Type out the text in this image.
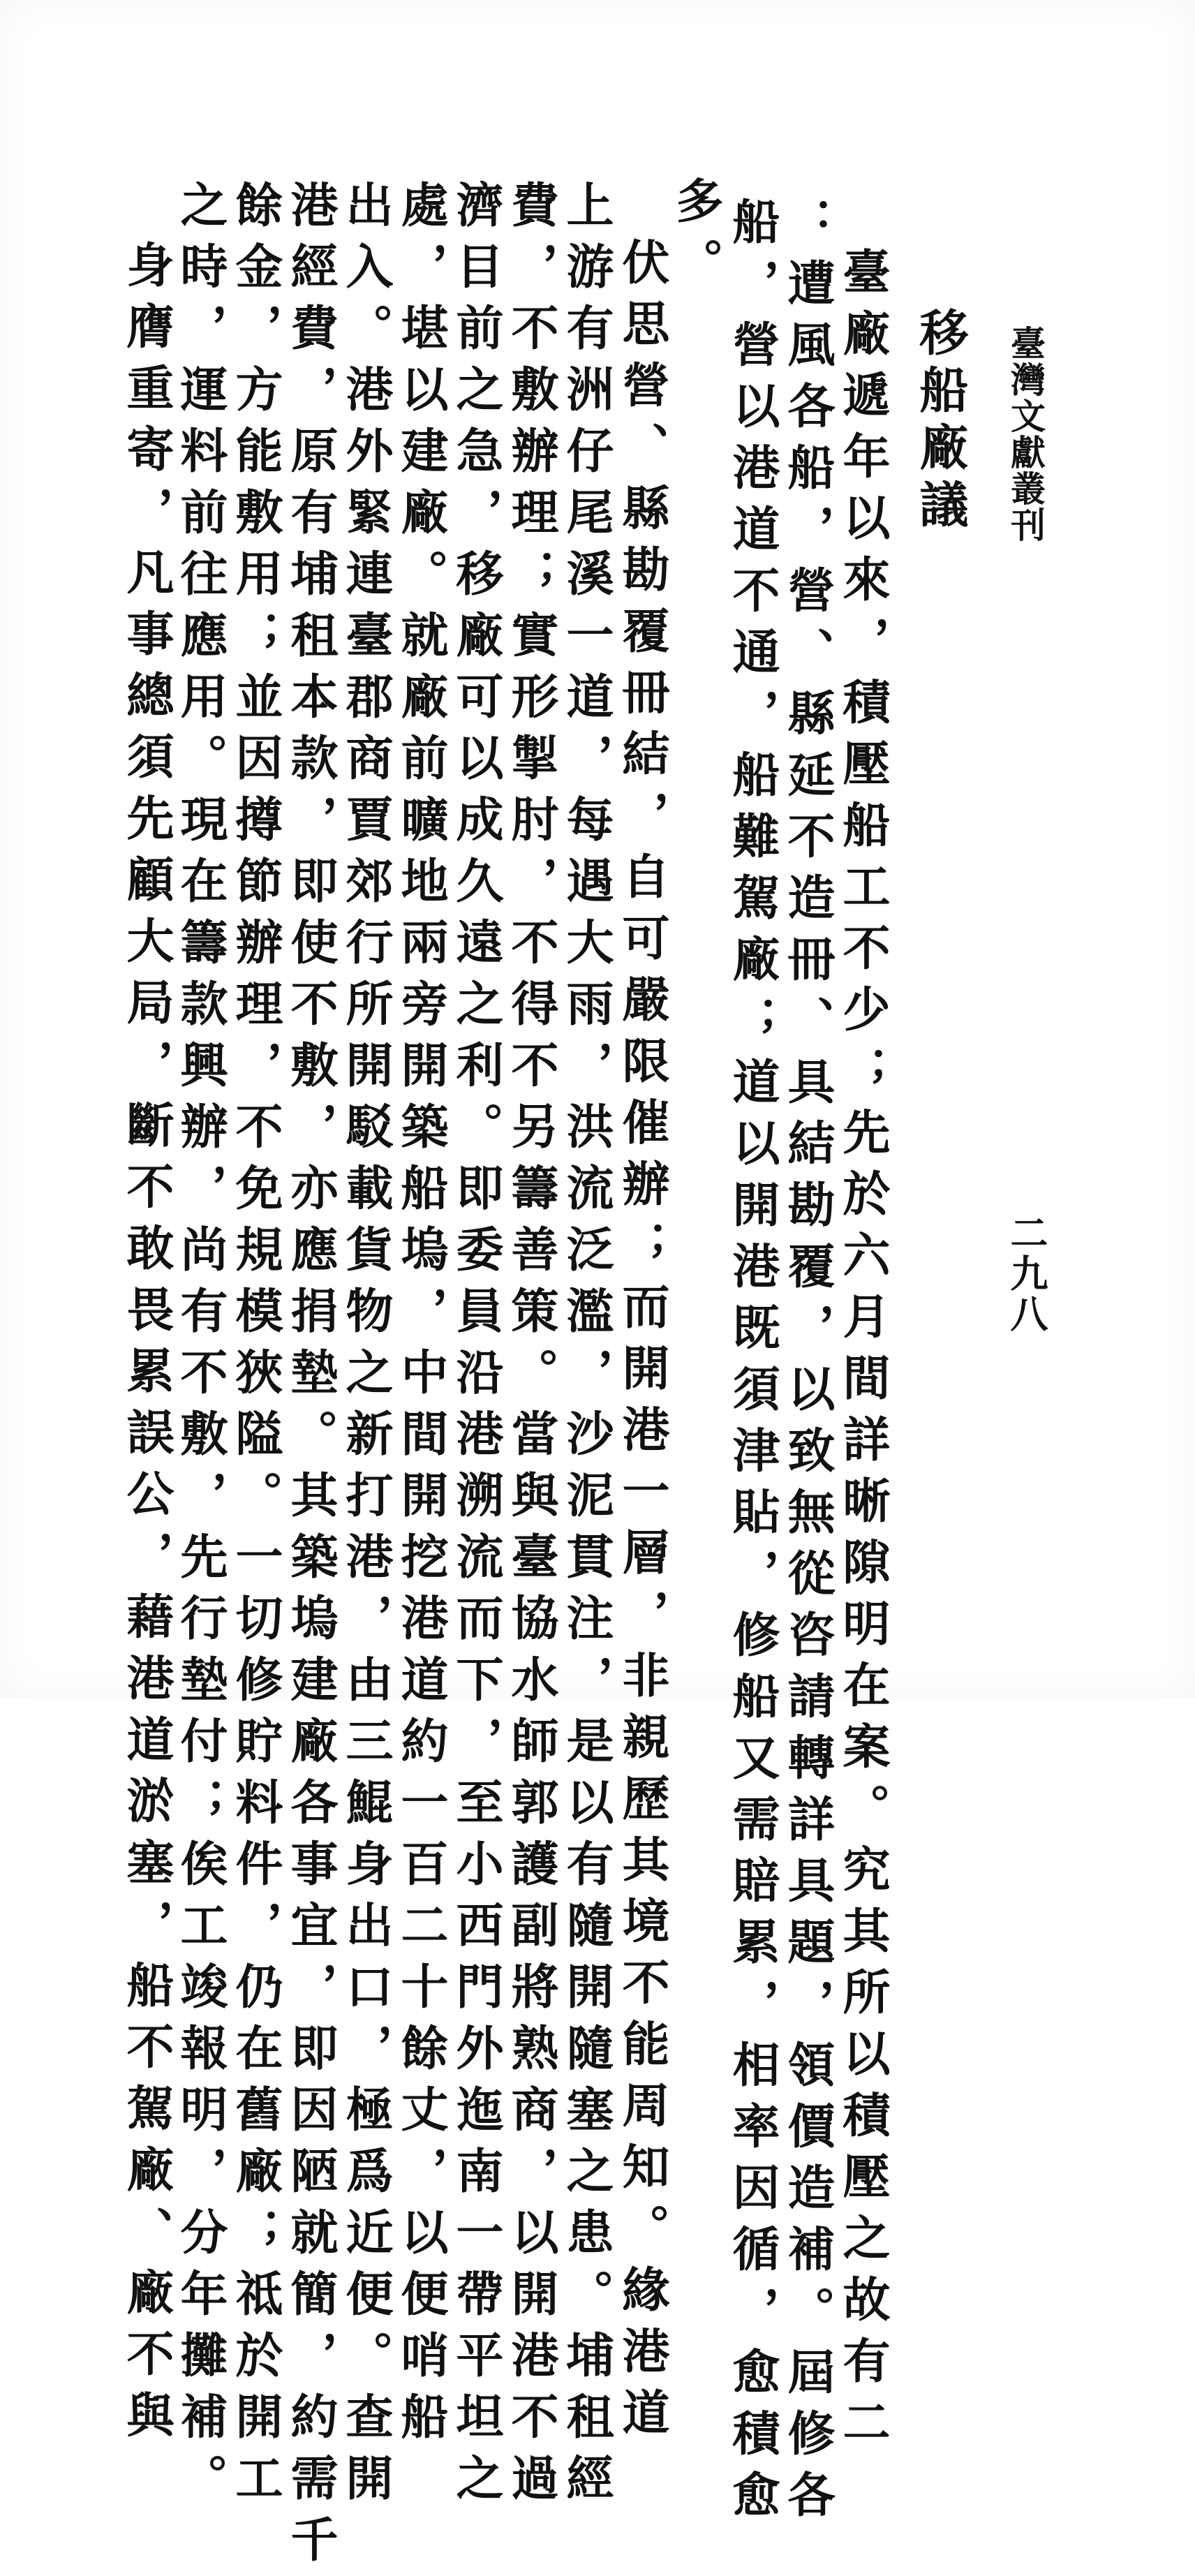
臺灣文獻叢刊
二九八
移船廠議
臺廠遞年以來，積壓船工不少；先於六月間詳晰隙明在案。究其所以積壓之故有二
：遭風各船，營、縣延不造冊、具結勘覆，以致無從咨請轉詳具題，領價造補。屆修各
船，營以港道不通，船難駕廠；道以開港既須津貼，修船又需賠累，相率因循，愈積愈
多。
伏思營、縣勘覆冊結，自可嚴限催辦；而開港一層，非親歷其境不能周知。緣港道
上游有洲仔尾溪一道，每遇大雨，洪流泛濫，沙泥貫注，是以有隨開隨塞之患。埔租經
費，不敷辦理；實形掣肘，不得不另籌善策。當與臺協水師郭護副將熟商，以開港不過
濟目前之急，移廠可以成久遠之利。即委員沿港溯流而下，至小西門外迤南一帶平坦之
處，堪以建廠。就廠前曠地兩旁開築船塢，中間開挖港道約一百二十餘丈，以便哨船
出入。港外緊連臺郡商賈郊行所開駁載貨物之新打港，由三鯤身出口，極爲近便。查開
港經費，原有埔租本款，即使不敷，亦應捐墊。其築塢建廠各事宜，即因陋就簡，約需千
餘金，方能敷用；並因撙節辦理，不免規模狹隘。一切修貯料件，仍在舊廠；祗於開工
之時，運料前往應用。現在籌款興辦，尚有不敷，先行墊付；俟工竣報明，分年攤補。
身膺重寄，凡事總須先顧大局，斷不敢畏累誤公，藉港道淤塞，船不駕廠、廠不與
